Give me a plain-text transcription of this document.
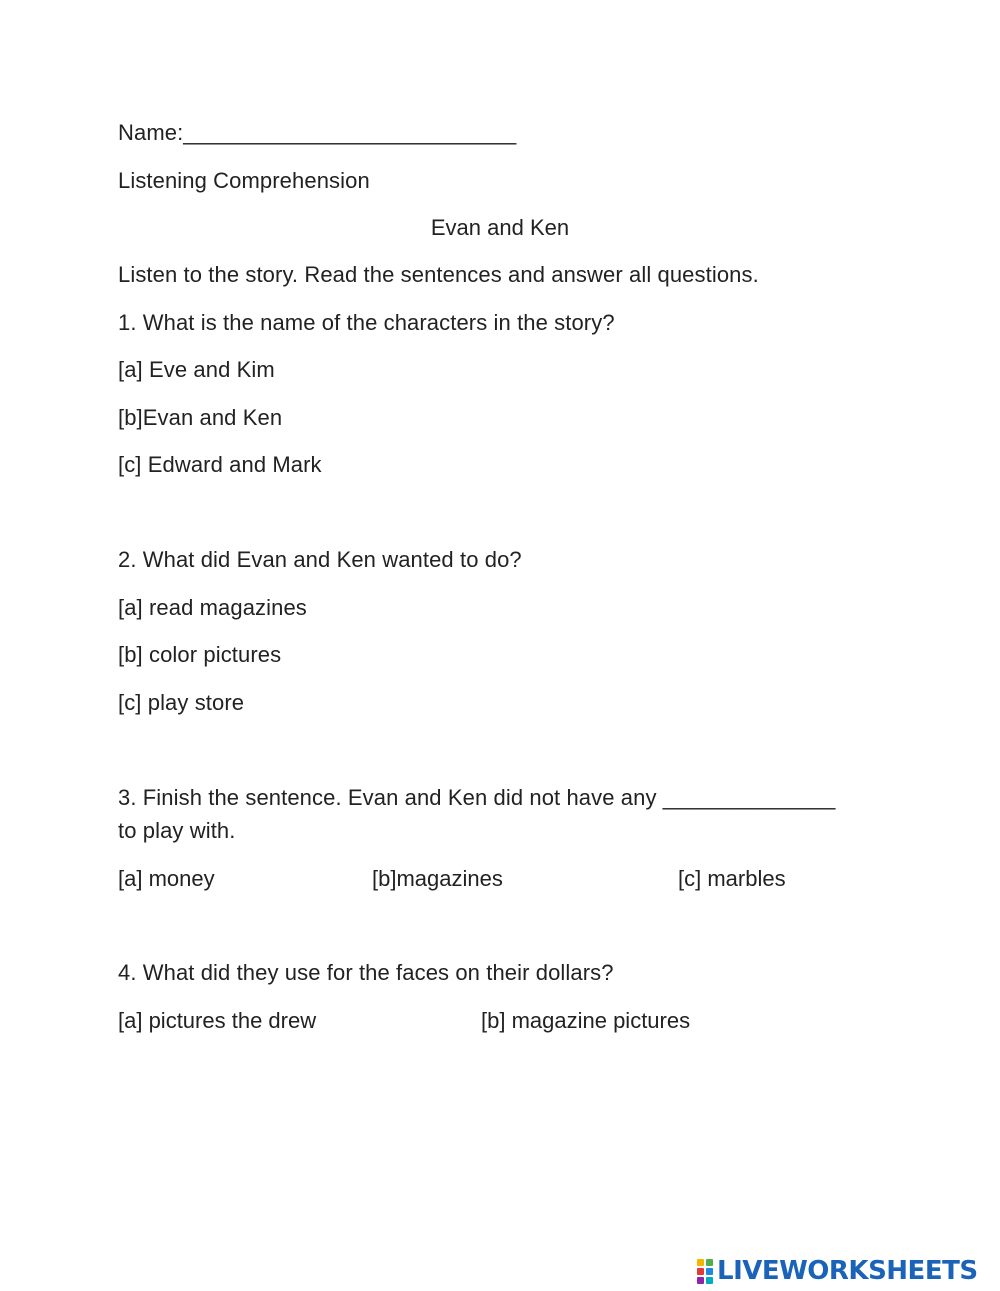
Name:___________________________
Listening Comprehension
Evan and Ken
Listen to the story. Read the sentences and answer all questions.
1. What is the name of the characters in the story?
[a] Eve and Kim
[b]Evan and Ken
[c] Edward and Mark
2. What did Evan and Ken wanted to do?
[a] read magazines
[b] color pictures
[c] play store
3. Finish the sentence. Evan and Ken did not have any ______________
to play with.
[a] money	[b]magazines	[c] marbles
4. What did they use for the faces on their dollars?
[a] pictures the drew	[b] magazine pictures
LIVEWORKSHEETS
